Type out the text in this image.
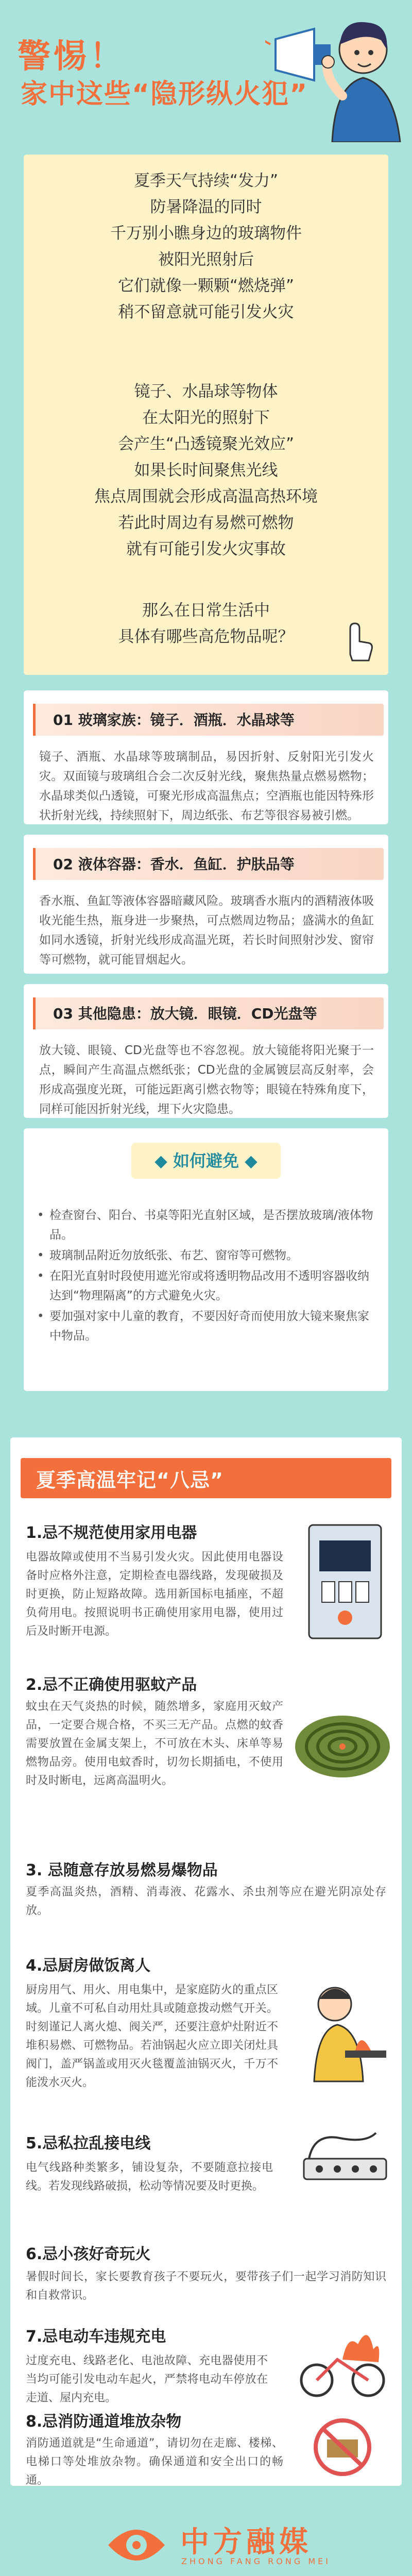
警惕！
家中这些“隐形纵火犯”

夏季天气持续“发力”

防暑降温的同时

千万别小瞧身边的玻璃物件

被阳光照射后

它们就像一颗颗“燃烧弹”

稍不留意就可能引发火灾

镜子、水晶球等物体

在太阳光的照射下

会产生“凸透镜聚光效应”

如果长时间聚焦光线

焦点周围就会形成高温高热环境

若此时周边有易燃可燃物

就有可能引发火灾事故

那么在日常生活中

具体有哪些高危物品呢？

01 玻璃家族：镜子．酒瓶．水晶球等
镜子、酒瓶、水晶球等玻璃制品，易因折射、反射阳光引发火灾。双面镜与玻璃组合会二次反射光线，聚焦热量点燃易燃物；水晶球类似凸透镜，可聚光形成高温焦点；空酒瓶也能因特殊形状折射光线，持续照射下，周边纸张、布艺等很容易被引燃。
02 液体容器：香水．鱼缸．护肤品等
香水瓶、鱼缸等液体容器暗藏风险。玻璃香水瓶内的酒精液体吸收光能生热，瓶身进一步聚热，可点燃周边物品；盛满水的鱼缸如同水透镜，折射光线形成高温光斑，若长时间照射沙发、窗帘等可燃物，就可能冒烟起火。
03 其他隐患：放大镜．眼镜．CD光盘等
放大镜、眼镜、CD光盘等也不容忽视。放大镜能将阳光聚于一点，瞬间产生高温点燃纸张；CD光盘的金属镀层高反射率，会形成高强度光斑，可能远距离引燃衣物等；眼镜在特殊角度下，同样可能因折射光线，埋下火灾隐患。
◆ 如何避免 ◆
• 检查窗台、阳台、书桌等阳光直射区域，是否摆放玻璃/液体物品。
• 玻璃制品附近勿放纸张、布艺、窗帘等可燃物。
• 在阳光直射时段使用遮光帘或将透明物品改用不透明容器收纳达到“物理隔离”的方式避免火灾。
• 要加强对家中儿童的教育，不要因好奇而使用放大镜来聚焦家中物品。
夏季高温牢记“八忌”
1.忌不规范使用家用电器
电器故障或使用不当易引发火灾。因此使用电器设备时应格外注意，定期检查电器线路，发现破损及时更换，防止短路故障。选用新国标电插座，不超负荷用电。按照说明书正确使用家用电器，使用过后及时断开电源。
2.忌不正确使用驱蚊产品
蚊虫在天气炎热的时候，随然增多，家庭用灭蚊产品，一定要合规合格，不买三无产品。点燃的蚊香需要放置在金属支架上，不可放在木头、床单等易燃物品旁。使用电蚊香时，切勿长期插电，不使用时及时断电，远离高温明火。
3. 忌随意存放易燃易爆物品
夏季高温炎热，酒精、消毒液、花露水、杀虫剂等应在避光阴凉处存放。
4.忌厨房做饭离人
厨房用气、用火、用电集中，是家庭防火的重点区域。儿童不可私自动用灶具或随意拨动燃气开关。时刻谨记人离火熄、阀关严，还要注意炉灶附近不堆积易燃、可燃物品。若油锅起火应立即关闭灶具阀门，盖严锅盖或用灭火毯覆盖油锅灭火，千万不能泼水灭火。
5.忌私拉乱接电线
电气线路种类繁多，铺设复杂，不要随意拉接电线。若发现线路破损，松动等情况要及时更换。
6.忌小孩好奇玩火
暑假时间长，家长要教育孩子不要玩火，要带孩子们一起学习消防知识和自救常识。
7.忌电动车违规充电
过度充电、线路老化、电池故障、充电器使用不当均可能引发电动车起火，严禁将电动车停放在走道、屋内充电。
8.忌消防通道堆放杂物
消防通道就是“生命通道”，请切勿在走廊、楼梯、电梯口等处堆放杂物。确保通道和安全出口的畅通。
中方融媒
ZHONG FANG RONG MEI
